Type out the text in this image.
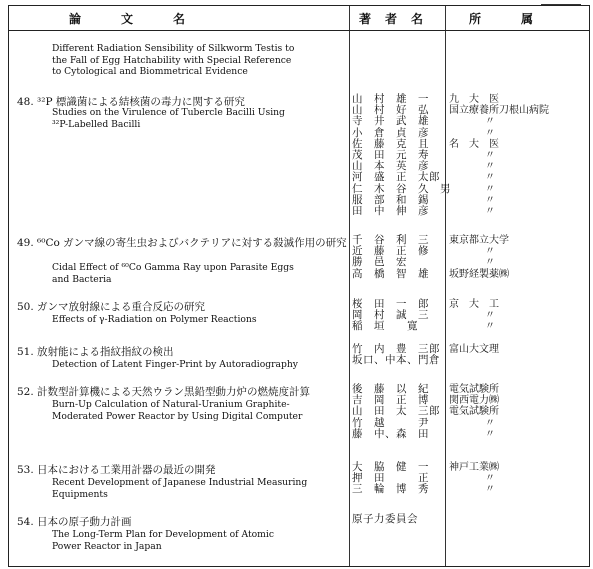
論　　　文　　　名	著　者　名	所　　　属
Different Radiation Sensibility of Silkworm Testis to
the Fall of Egg Hatchability with Special Reference
to Cytological and Biommetrical Evidence
48. ³²P 標識菌による結核菌の毒力に関する研究
Studies on the Virulence of Tubercle Bacilli Using
³²P-Labelled Bacilli
山　村　雄　一
山　村　好　弘
寺　井　武　雄
小　倉　貞　彦
佐　藤　克　且
茂　田　元　寿
山　本　英　彦
河　盛　正　太郎
仁　木　谷　久　男
服　部　和　錫
田　中　伸　彦
九　大　医
国立療養所刀根山病院
〃
〃
名　大　医
〃
〃
〃
〃
〃
〃
49. ⁶⁰Co ガンマ線の寄生虫およびバクテリアに対する殺滅作用の研究
Cidal Effect of ⁶⁰Co Gamma Ray upon Parasite Eggs
and Bacteria
千　谷　利　三
近　藤　正　修
勝　邑　宏
高　橋　智　雄
東京都立大学
〃
〃
坂野経製薬㈱
50. ガンマ放射線による重合反応の研究
Effects of γ-Radiation on Polymer Reactions
桜　田　一　郎
岡　村　誠　三
稲　垣　　寛
京　大　工
〃
〃
51. 放射能による指紋指紋の検出
Detection of Latent Finger-Print by Autoradiography
竹　内　豊　三郎
坂口、中本、門倉
富山大文理
52. 計数型計算機による天然ウラン黒鉛型動力炉の燃焼度計算
Burn-Up Calculation of Natural-Uranium Graphite-
Moderated Power Reactor by Using Digital Computer
後　藤　以　紀
吉　岡　正　博
山　田　太　三郎
竹　越　　　尹
藤　中、森　田
電気試験所
関西電力㈱
電気試験所
〃
〃
53. 日本における工業用計器の最近の開発
Recent Development of Japanese Industrial Measuring
Equipments
大　脇　健　一
押　田　　　正
三　輪　博　秀
神戸工業㈱
〃
〃
54. 日本の原子動力計画
The Long-Term Plan for Development of Atomic
Power Reactor in Japan
原子力委員会
